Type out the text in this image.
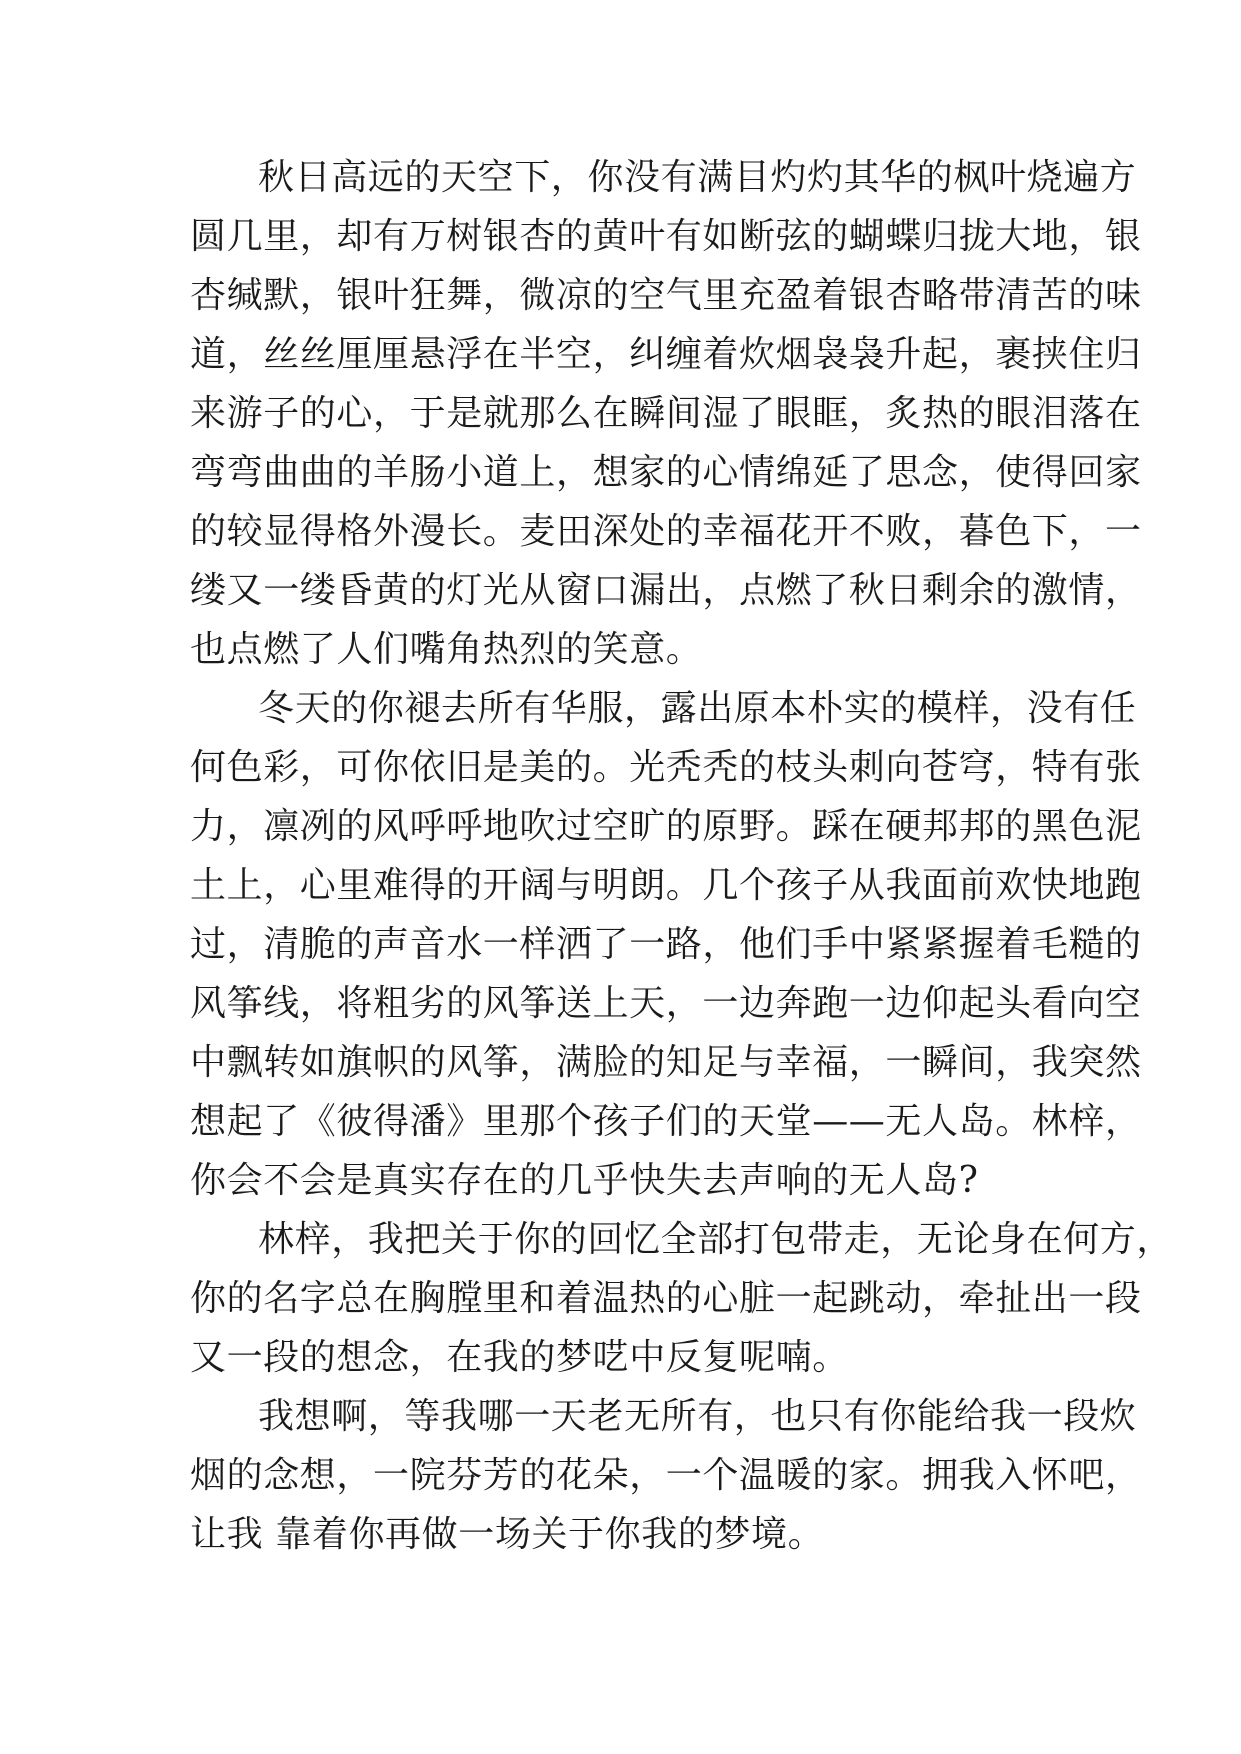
秋日高远的天空下，你没有满目灼灼其华的枫叶烧遍方
圆几里，却有万树银杏的黄叶有如断弦的蝴蝶归拢大地，银
杏缄默，银叶狂舞，微凉的空气里充盈着银杏略带清苦的味
道，丝丝厘厘悬浮在半空，纠缠着炊烟袅袅升起，裹挟住归
来游子的心，于是就那么在瞬间湿了眼眶，炙热的眼泪落在
弯弯曲曲的羊肠小道上，想家的心情绵延了思念，使得回家
的较显得格外漫长。麦田深处的幸福花开不败，暮色下，一
缕又一缕昏黄的灯光从窗口漏出，点燃了秋日剩余的激情，
也点燃了人们嘴角热烈的笑意。
冬天的你褪去所有华服，露出原本朴实的模样，没有任
何色彩，可你依旧是美的。光秃秃的枝头刺向苍穹，特有张
力，凛冽的风呼呼地吹过空旷的原野。踩在硬邦邦的黑色泥
土上，心里难得的开阔与明朗。几个孩子从我面前欢快地跑
过，清脆的声音水一样洒了一路，他们手中紧紧握着毛糙的
风筝线，将粗劣的风筝送上天，一边奔跑一边仰起头看向空
中飘转如旗帜的风筝，满脸的知足与幸福，一瞬间，我突然
想起了《彼得潘》里那个孩子们的天堂——无人岛。林梓，
你会不会是真实存在的几乎快失去声响的无人岛?
林梓，我把关于你的回忆全部打包带走，无论身在何方，
你的名字总在胸膛里和着温热的心脏一起跳动，牵扯出一段
又一段的想念，在我的梦呓中反复呢喃。
我想啊，等我哪一天老无所有，也只有你能给我一段炊
烟的念想，一院芬芳的花朵，一个温暖的家。拥我入怀吧，
让我 靠着你再做一场关于你我的梦境。
